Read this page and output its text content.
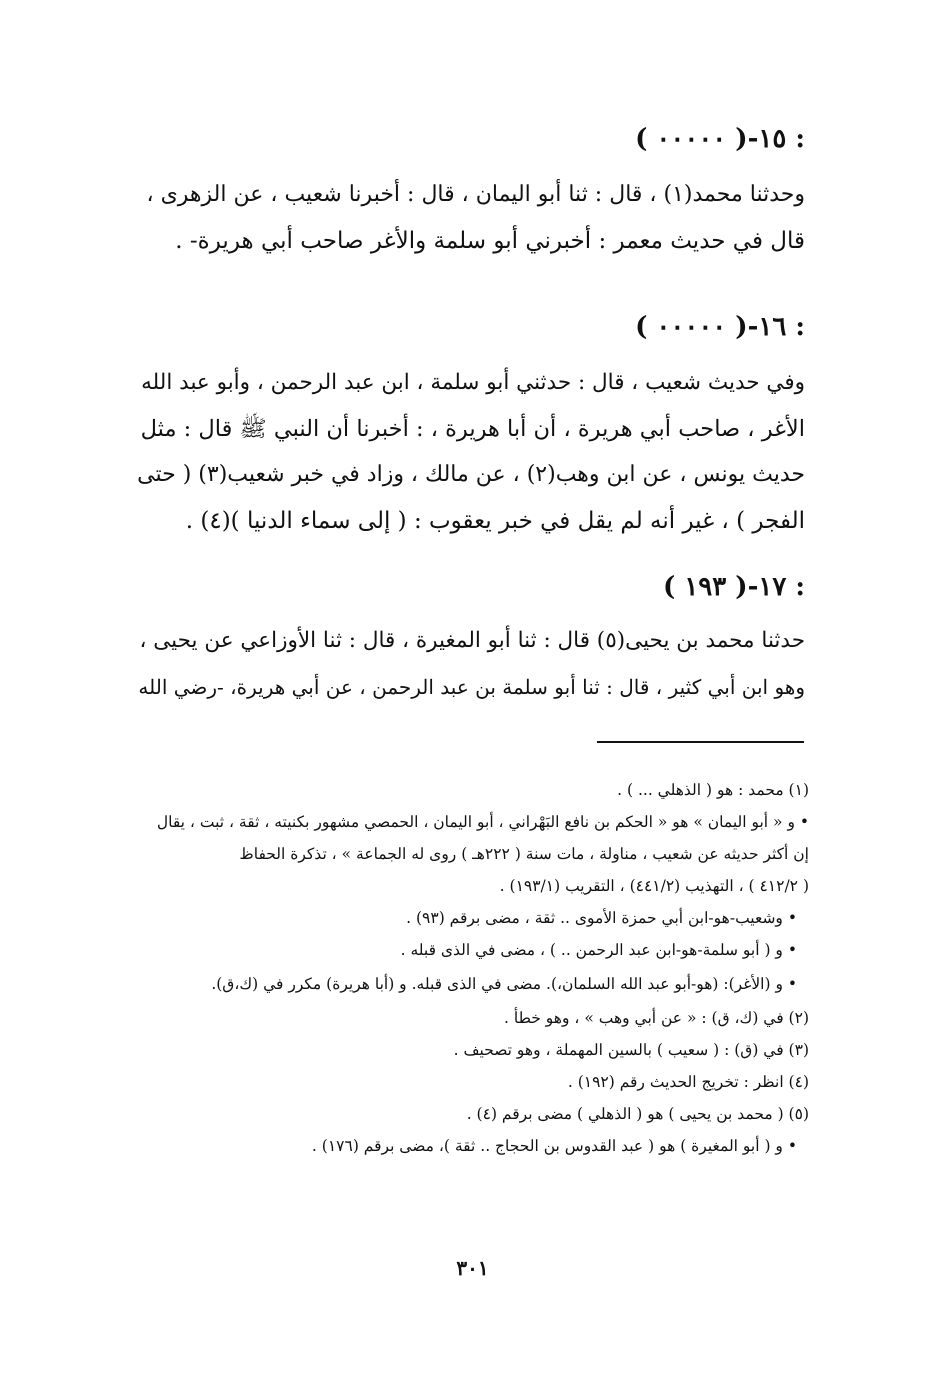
١٥-( ٠٠٠٠٠ ) :
وحدثنا محمد(١) ، قال : ثنا أبو اليمان ، قال : أخبرنا شعيب ، عن الزهرى ،
قال في حديث معمر : أخبرني أبو سلمة والأغر صاحب أبي هريرة- .
١٦-( ٠٠٠٠٠ ) :
وفي حديث شعيب ، قال : حدثني أبو سلمة ، ابن عبد الرحمن ، وأبو عبد الله
الأغر ، صاحب أبي هريرة ، أن أبا هريرة ، : أخبرنا أن النبي ﷺ قال : مثل
حديث يونس ، عن ابن وهب(٢) ، عن مالك ، وزاد في خبر شعيب(٣) ( حتى
الفجر ) ، غير أنه لم يقل في خبر يعقوب : ( إلى سماء الدنيا )(٤) .
١٧-( ١٩٣ ) :
حدثنا محمد بن يحيى(٥) قال : ثنا أبو المغيرة ، قال : ثنا الأوزاعي عن يحيى ،
وهو ابن أبي كثير ، قال : ثنا أبو سلمة بن عبد الرحمن ، عن أبي هريرة، -رضي الله
(١) محمد : هو ( الذهلي ... ) .
• و « أبو اليمان » هو « الحكم بن نافع البَهْراني ، أبو اليمان ، الحمصي مشهور بكنيته ، ثقة ، ثبت ، يقال
إن أكثر حديثه عن شعيب ، مناولة ، مات سنة ( ٢٢٢هـ ) روى له الجماعة » ، تذكرة الحفاظ
( ٤١٢/٢ ) ، التهذيب (٤٤١/٢) ، التقريب (١٩٣/١) .
• وشعيب-هو-ابن أبي حمزة الأموى .. ثقة ، مضى برقم (٩٣) .
• و ( أبو سلمة-هو-ابن عبد الرحمن .. ) ، مضى في الذى قبله .
• و (الأغر): (هو-أبو عبد الله السلمان،). مضى في الذى قبله. و (أبا هريرة) مكرر في (ك،ق).
(٢) في (ك، ق) : « عن أبي وهب » ، وهو خطأ .
(٣) في (ق) : ( سعيب ) بالسين المهملة ، وهو تصحيف .
(٤) انظر : تخريج الحديث رقم (١٩٢) .
(٥) ( محمد بن يحيى ) هو ( الذهلي ) مضى برقم (٤) .
• و ( أبو المغيرة ) هو ( عبد القدوس بن الحجاج .. ثقة )، مضى برقم (١٧٦) .
٣٠١
